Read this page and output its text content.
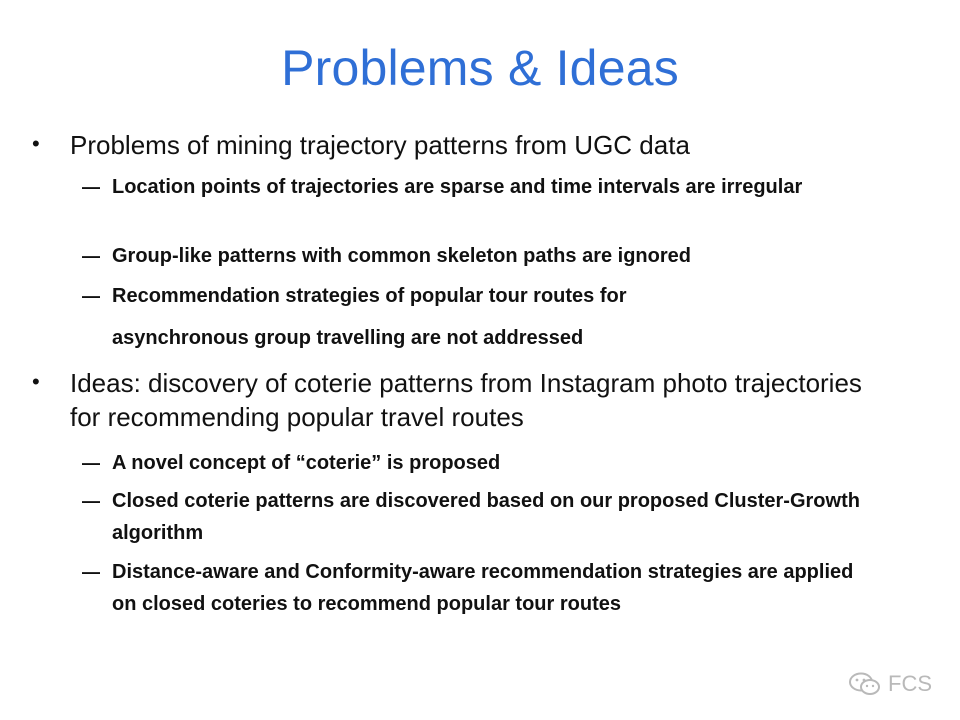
Problems & Ideas
• Problems of mining trajectory patterns from UGC data
— Location points of trajectories are sparse and time intervals are irregular
— Group-like patterns with common skeleton paths are ignored
— Recommendation strategies of popular tour routes for
asynchronous group travelling are not addressed
• Ideas: discovery of coterie patterns from Instagram photo trajectories for recommending popular travel routes
— A novel concept of “coterie” is proposed
— Closed coterie patterns are discovered based on our proposed Cluster-Growth algorithm
— Distance-aware and Conformity-aware recommendation strategies are applied on closed coteries to recommend popular tour routes
FCS
